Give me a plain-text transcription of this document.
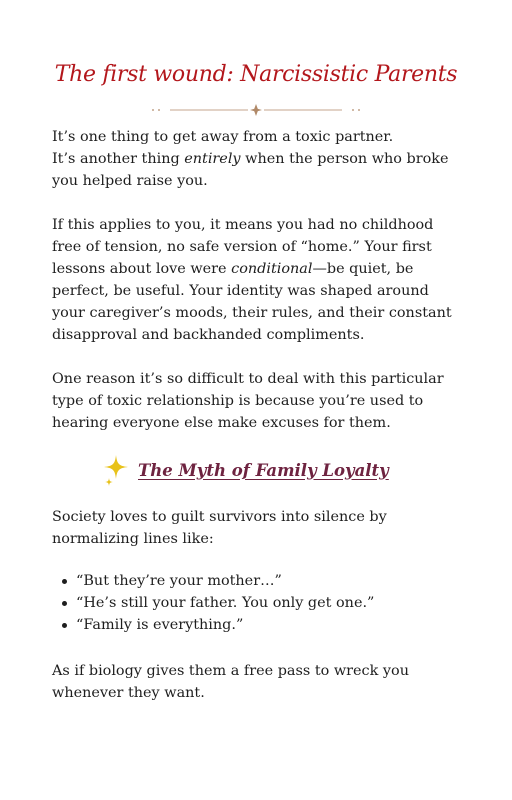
The first wound: Narcissistic Parents

It’s one thing to get away from a toxic partner.
It’s another thing entirely when the person who broke you helped raise you.

If this applies to you, it means you had no childhood free of tension, no safe version of “home.” Your first lessons about love were conditional—be quiet, be perfect, be useful. Your identity was shaped around your caregiver’s moods, their rules, and their constant disapproval and backhanded compliments.

One reason it’s so difficult to deal with this particular type of toxic relationship is because you’re used to hearing everyone else make excuses for them.

The Myth of Family Loyalty

Society loves to guilt survivors into silence by normalizing lines like:

“But they’re your mother…”
“He’s still your father. You only get one.”
“Family is everything.”

As if biology gives them a free pass to wreck you whenever they want.
